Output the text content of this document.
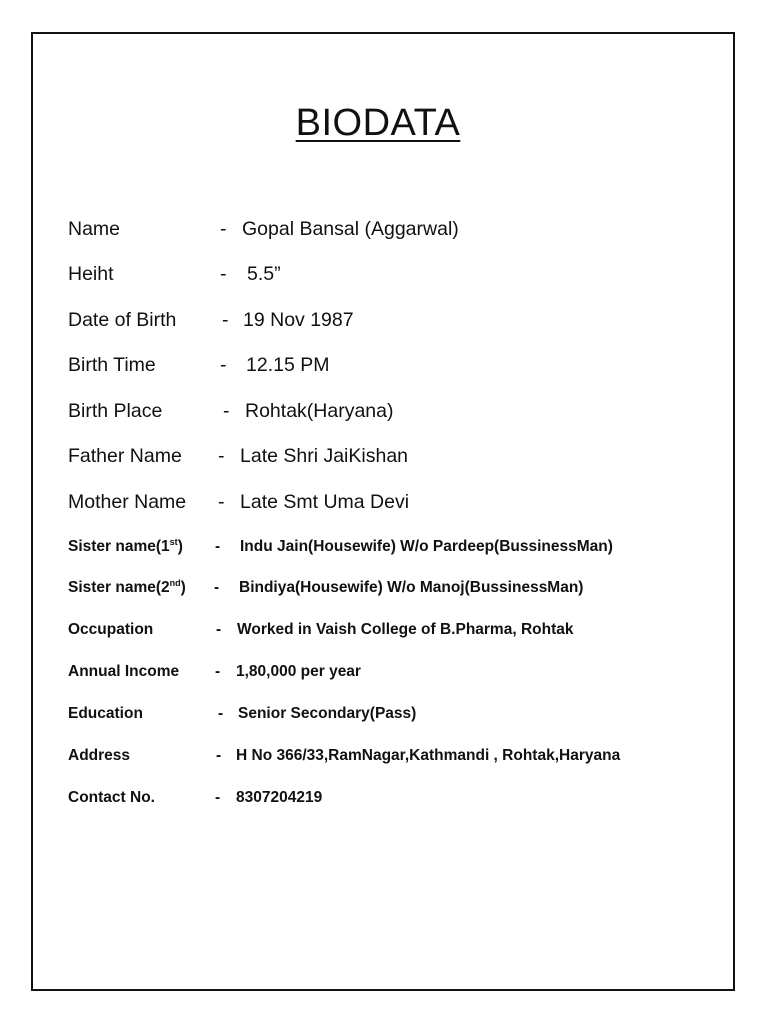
BIODATA
Name	- Gopal Bansal (Aggarwal)
Heiht	- 5.5”
Date of Birth - 19 Nov 1987
Birth Time	- 12.15 PM
Birth Place	- Rohtak(Haryana)
Father Name - Late Shri JaiKishan
Mother Name - Late Smt Uma Devi
Sister name(1st) - Indu Jain(Housewife) W/o Pardeep(BussinessMan)
Sister name(2nd) - Bindiya(Housewife) W/o Manoj(BussinessMan)
Occupation	- Worked in Vaish College of B.Pharma, Rohtak
Annual Income - 1,80,000 per year
Education	- Senior Secondary(Pass)
Address	- H No 366/33,RamNagar,Kathmandi , Rohtak,Haryana
Contact No.	- 8307204219
